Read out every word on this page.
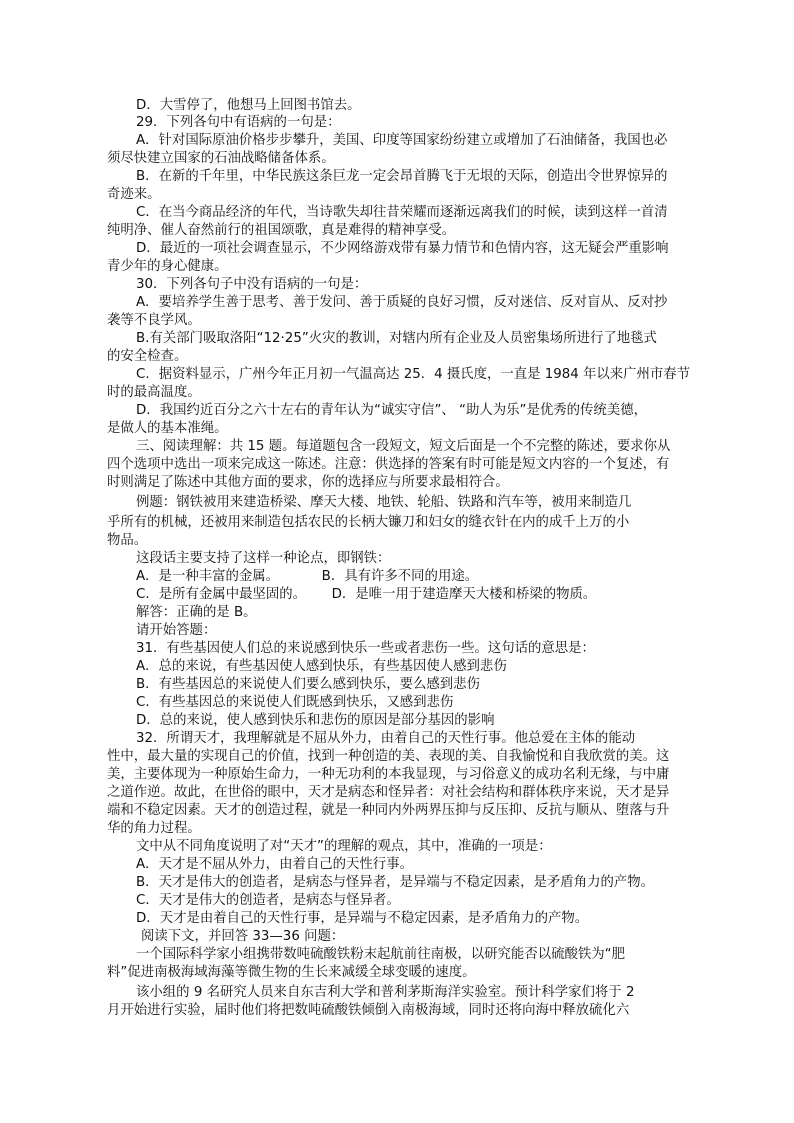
D．大雪停了，他想马上回图书馆去。
29．下列各句中有语病的一句是：
A．针对国际原油价格步步攀升，美国、印度等国家纷纷建立或增加了石油储备，我国也必
须尽快建立国家的石油战略储备体系。
B．在新的千年里，中华民族这条巨龙一定会昂首腾飞于无垠的天际，创造出令世界惊异的
奇迹来。
C．在当今商品经济的年代，当诗歌失却往昔荣耀而逐渐远离我们的时候，读到这样一首清
纯明净、催人奋然前行的祖国颂歌，真是难得的精神享受。
D．最近的一项社会调查显示，不少网络游戏带有暴力情节和色情内容，这无疑会严重影响
青少年的身心健康。
30．下列各句子中没有语病的一句是：
A．要培养学生善于思考、善于发问、善于质疑的良好习惯，反对迷信、反对盲从、反对抄
袭等不良学风。
B.有关部门吸取洛阳“12·25”火灾的教训，对辖内所有企业及人员密集场所进行了地毯式
的安全检查。
C．据资料显示，广州今年正月初一气温高达 25．4 摄氏度，一直是 1984 年以来广州市春节
时的最高温度。
D．我国约近百分之六十左右的青年认为“诚实守信”、 “助人为乐”是优秀的传统美德，
是做人的基本准绳。
三、阅读理解：共 15 题。每道题包含一段短文，短文后面是一个不完整的陈述，要求你从
四个选项中选出一项来完成这一陈述。注意：供选择的答案有时可能是短文内容的一个复述，有
时则满足了陈述中其他方面的要求，你的选择应与所要求最相符合。
例题：钢铁被用来建造桥梁、摩天大楼、地铁、轮船、铁路和汽车等，被用来制造几
乎所有的机械，还被用来制造包括农民的长柄大镰刀和妇女的缝衣针在内的成千上万的小
物品。
这段话主要支持了这样一种论点，即钢铁：
A．是一种丰富的金属。          B．具有许多不同的用途。
C．是所有金属中最坚固的。      D．是唯一用于建造摩天大楼和桥梁的物质。
解答：正确的是 B。
请开始答题：
31．有些基因使人们总的来说感到快乐一些或者悲伤一些。这句话的意思是：
A．总的来说，有些基因使人感到快乐，有些基因使人感到悲伤
B．有些基因总的来说使人们要么感到快乐，要么感到悲伤
C．有些基因总的来说使人们既感到快乐，又感到悲伤
D．总的来说，使人感到快乐和悲伤的原因是部分基因的影响
32．所谓天才，我理解就是不屈从外力，由着自己的天性行事。他总爱在主体的能动
性中，最大量的实现自己的价值，找到一种创造的美、表现的美、自我愉悦和自我欣赏的美。这
美，主要体现为一种原始生命力，一种无功利的本我显现，与习俗意义的成功名利无缘，与中庸
之道作逆。故此，在世俗的眼中，天才是病态和怪异者：对社会结构和群体秩序来说，天才是异
端和不稳定因素。天才的创造过程，就是一种同内外两界压抑与反压抑、反抗与顺从、堕落与升
华的角力过程。
文中从不同角度说明了对“天才”的理解的观点，其中，准确的一项是：
A．天才是不屈从外力，由着自己的天性行事。
B．天才是伟大的创造者，是病态与怪异者，是异端与不稳定因素，是矛盾角力的产物。
C．天才是伟大的创造者，是病态与怪异者。
D．天才是由着自己的天性行事，是异端与不稳定因素，是矛盾角力的产物。
阅读下文，并回答 33—36 问题：
一个国际科学家小组携带数吨硫酸铁粉末起航前往南极，以研究能否以硫酸铁为“肥
料”促进南极海域海藻等微生物的生长来减缓全球变暖的速度。
该小组的 9 名研究人员来自东吉利大学和普利茅斯海洋实验室。预计科学家们将于 2
月开始进行实验，届时他们将把数吨硫酸铁倾倒入南极海域，同时还将向海中释放硫化六
